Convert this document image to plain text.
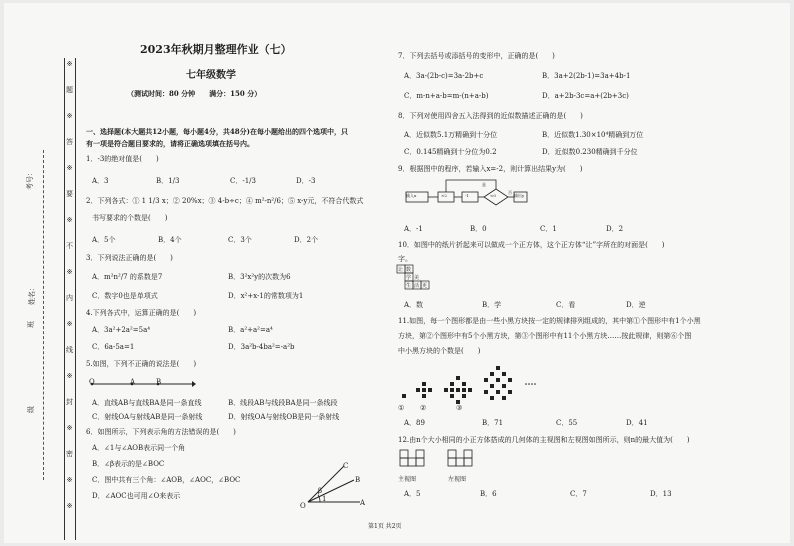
※
题
※
答
※
要
※
不
※
内
※
线
※
封
※
密
※
※
考号：
姓名：
班
级
2023年秋期月整理作业（七）
七年级数学
（测试时间：80 分钟　　满分：150 分）
一、选择题(本大题共12小题，每小题4分，共48分)在每小题给出的四个选项中，只
有一项是符合题目要求的，请将正确选项填在括号内。
1．-3的绝对值是(　　)
A．3	B．1/3	C．-1/3	D．-3
2．下列各式：① 1 1/3 x；② 20%x；③ 4-b÷c；④ m²-n²/6；⑤ x-y元，不符合代数式
书写要求的个数是(　　)
A．5个	B．4个	C．3个	D．2个
3．下列说法正确的是(　　)
A．m²n²/7 的系数是7	B．3²x²y的次数为6
C．数字0也是单项式	D．x²+x-1的常数项为1
4.下列各式中，运算正确的是(　　)
A．3a²+2a²=5a⁴	B．a²+a²=a⁴
C．6a-5a=1	D．3a²b-4ba²=-a²b
5.如图，下列不正确的说法是(　　)
O	A	B
A．直线AB与直线BA是同一条直线	B．线段AB与线段BA是同一条线段
C．射线OA与射线AB是同一条射线	D．射线OA与射线OB是同一条射线
6．如图所示，下列表示角的方法错误的是(　　)
A．∠1与∠AOB表示同一个角
B．∠β表示的是∠BOC
C．图中共有三个角：∠AOB，∠AOC，∠BOC
D．∠AOC也可用∠O来表示
C
B
A
O
β
1
7．下列去括号或添括号的变形中，正确的是(　　)
A．3a-(2b-c)=3a-2b+c	B．3a+2(2b-1)=3a+4b-1
C．m-n+a-b=m-(n+a-b)	D．a+2b-3c=a+(2b+3c)
8．下列对使用四舍五入法得到的近似数描述正确的是(　　)
A．近似数5.1万精确到十分位	B．近似数1.30×10⁴精确到万位
C．0.145精确到十分位为0.2	D．近似数0.230精确到千分位
9．根据图中的程序，若输入x=-2，则计算出结果y为(　　)
输入x	×2	-1	<0
是
否
输出y
A．-1	B．0	C．1	D．2
10．如图中的纸片折起来可以做成一个正方体，这个正方体“让”字所在的对面是(　　)
字。
让 数
学
生 活 更
美
A．数	B．学	C．看	D．逆
11.如图，每一个图形都是由一些小黑方块按一定的规律排列组成的，其中第①个图形中有1个小黑
方块，第②个图形中有5个小黑方块，第③个图形中有11个小黑方块……按此规律，则第⑥个图
中小黑方块的个数是(　　)
① ②	③
A．89	B．71	C．55	D．41
12.由n个大小相同的小正方体搭成的几何体的主视图和左视图如图所示，则n的最大值为(　　)
主视图	左视图
A．5	B．6	C．7	D．13
第1页 共2页
